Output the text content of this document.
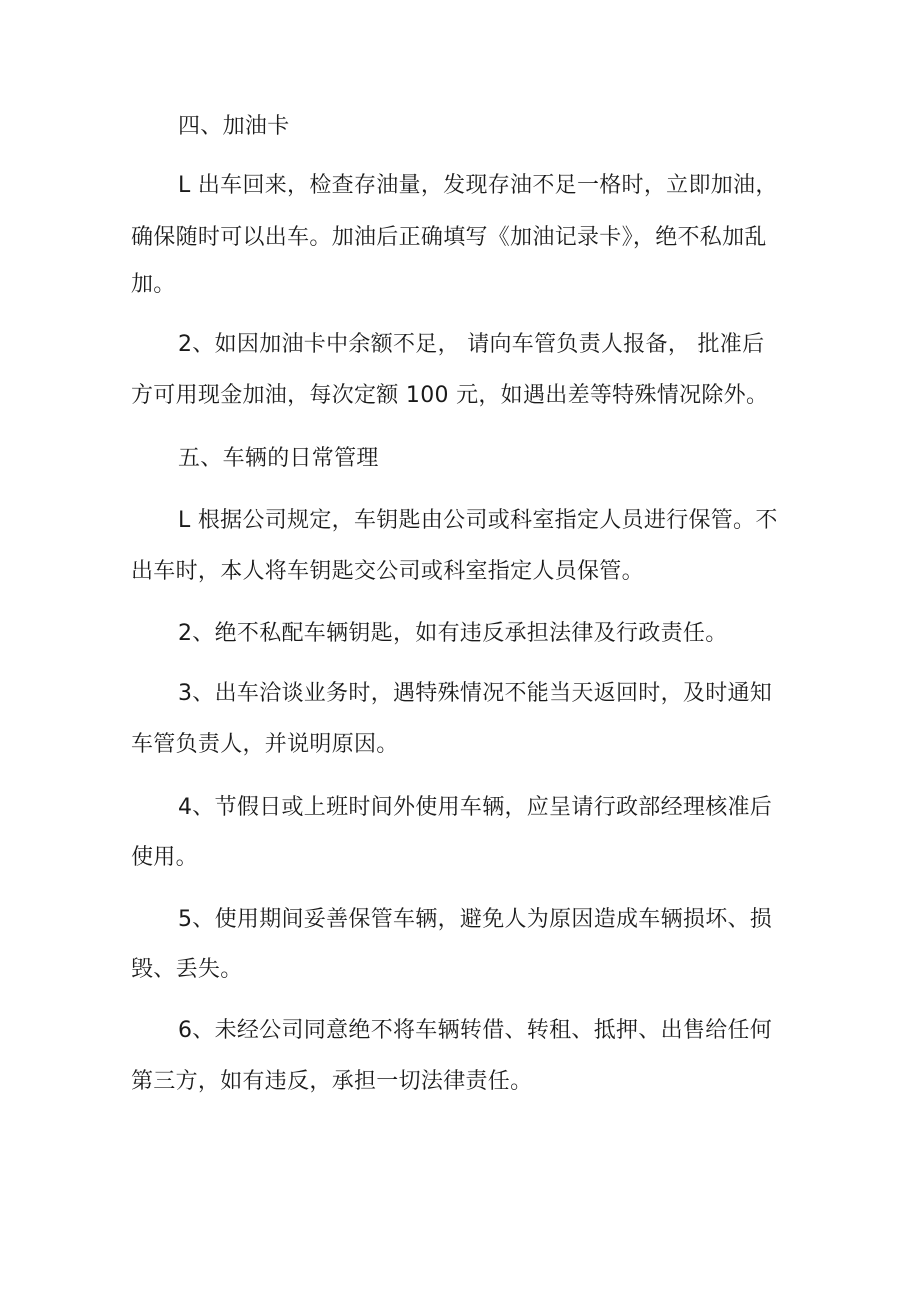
四、加油卡
L 出车回来，检查存油量，发现存油不足一格时，立即加油，
确保随时可以出车。加油后正确填写《加油记录卡》，绝不私加乱
加。
2、如因加油卡中余额不足， 请向车管负责人报备， 批准后
方可用现金加油，每次定额 100 元，如遇出差等特殊情况除外。
五、车辆的日常管理
L 根据公司规定，车钥匙由公司或科室指定人员进行保管。不
出车时，本人将车钥匙交公司或科室指定人员保管。
2、绝不私配车辆钥匙，如有违反承担法律及行政责任。
3、出车洽谈业务时，遇特殊情况不能当天返回时，及时通知
车管负责人，并说明原因。
4、节假日或上班时间外使用车辆，应呈请行政部经理核准后
使用。
5、使用期间妥善保管车辆，避免人为原因造成车辆损坏、损
毁、丢失。
6、未经公司同意绝不将车辆转借、转租、抵押、出售给任何
第三方，如有违反，承担一切法律责任。
